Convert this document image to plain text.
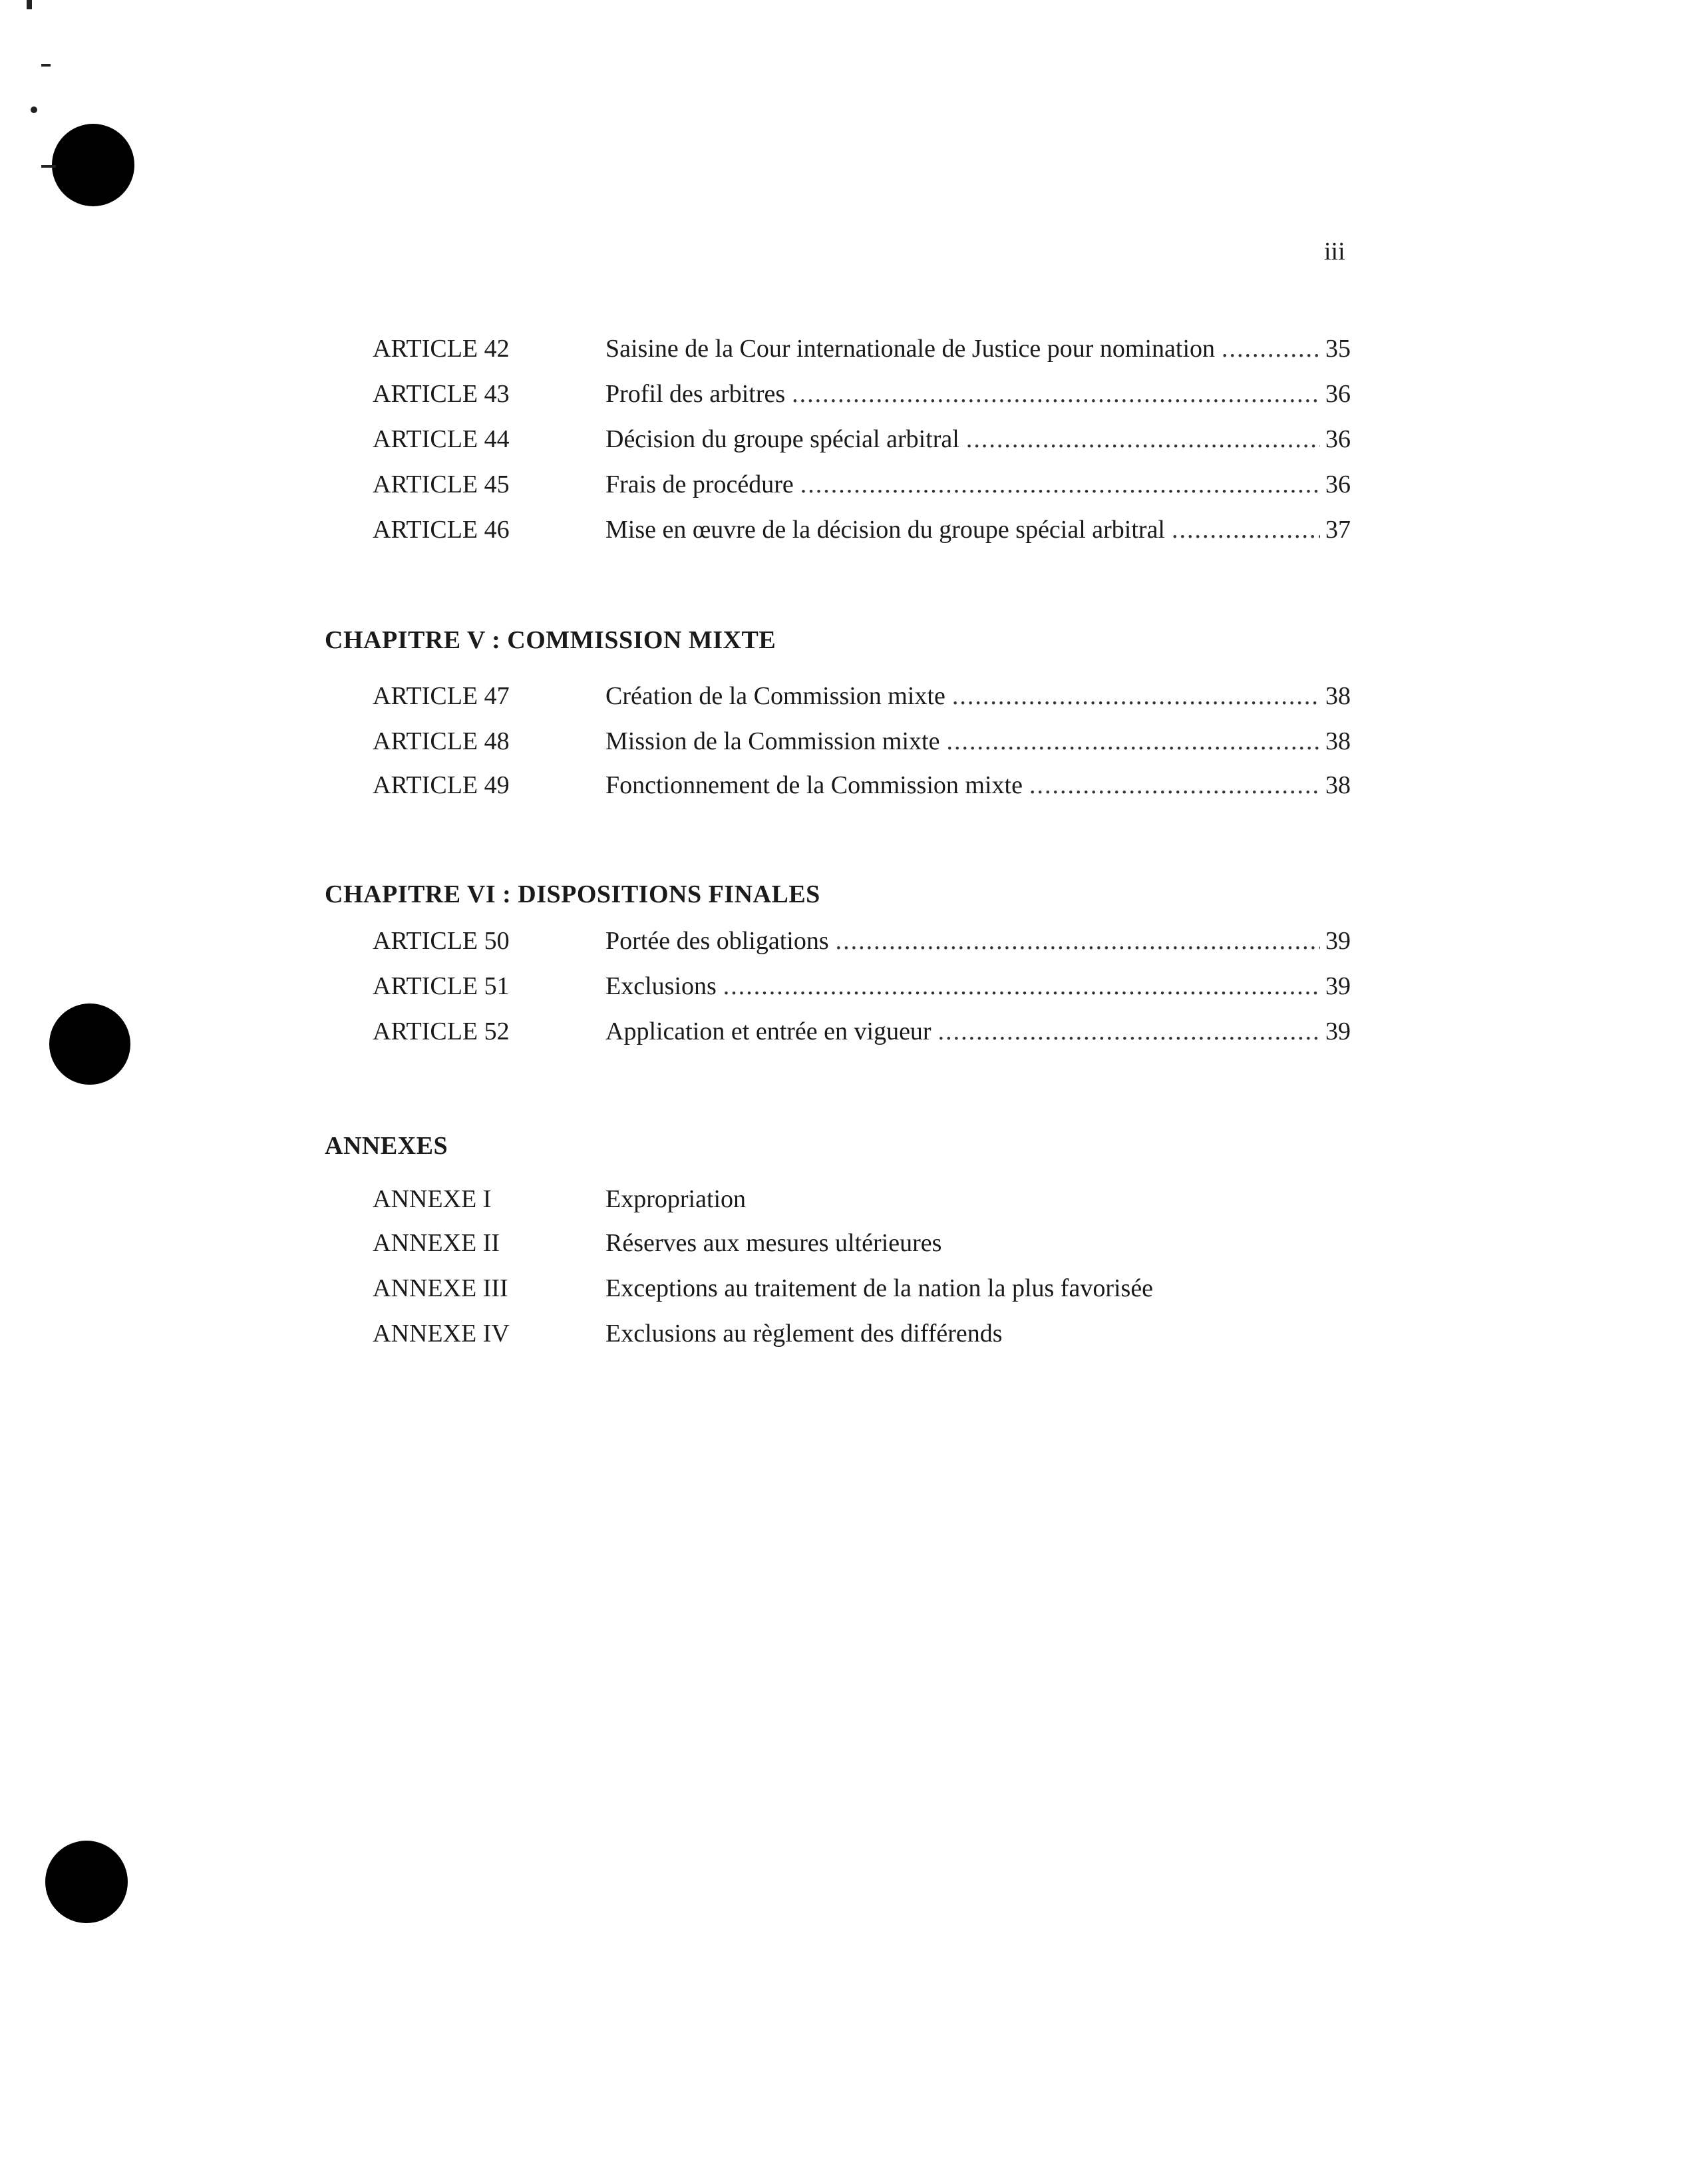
iii
ARTICLE 42	Saisine de la Cour internationale de Justice pour nomination .....	35
ARTICLE 43	Profil des arbitres .....	36
ARTICLE 44	Décision du groupe spécial arbitral .....	36
ARTICLE 45	Frais de procédure .....	36
ARTICLE 46	Mise en œuvre de la décision du groupe spécial arbitral .....	37
CHAPITRE V : COMMISSION MIXTE
ARTICLE 47	Création de la Commission mixte .....	38
ARTICLE 48	Mission de la Commission mixte .....	38
ARTICLE 49	Fonctionnement de la Commission mixte .....	38
CHAPITRE VI : DISPOSITIONS FINALES
ARTICLE 50	Portée des obligations .....	39
ARTICLE 51	Exclusions .....	39
ARTICLE 52	Application et entrée en vigueur .....	39
ANNEXES
ANNEXE I	Expropriation
ANNEXE II	Réserves aux mesures ultérieures
ANNEXE III	Exceptions au traitement de la nation la plus favorisée
ANNEXE IV	Exclusions au règlement des différends
